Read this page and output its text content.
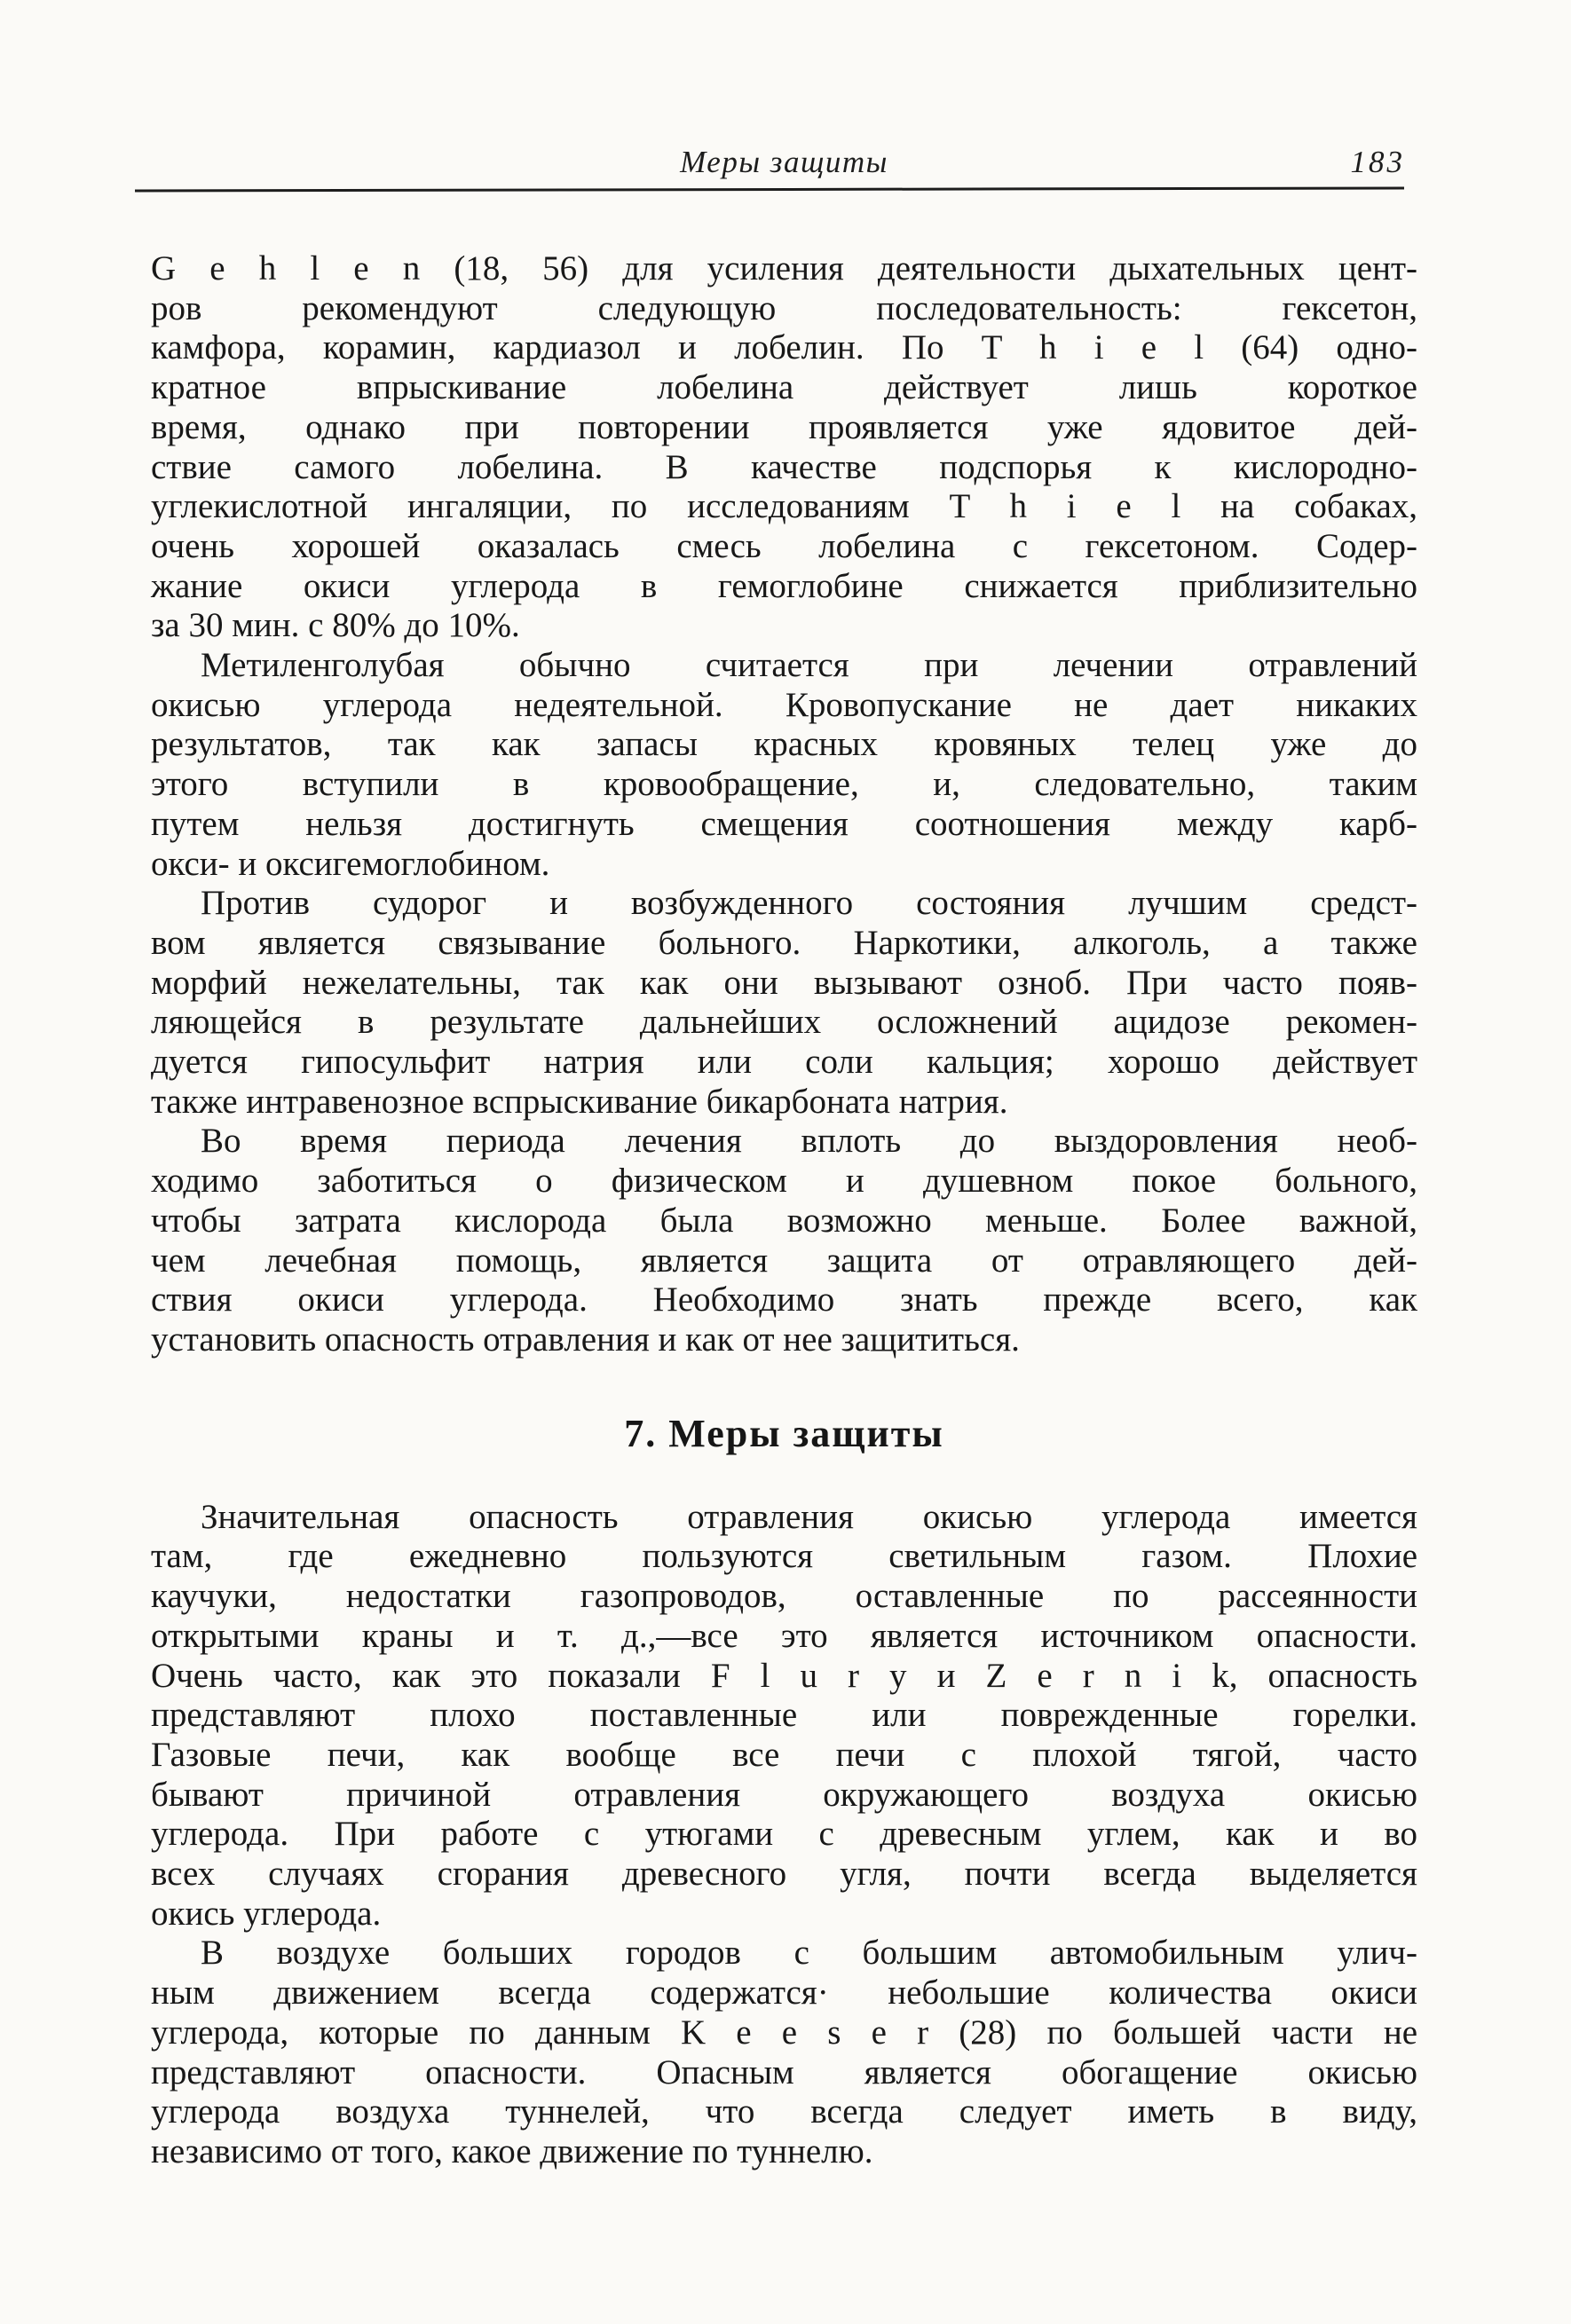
Меры защиты	183
G e h l e n (18, 56) для усиления деятельности дыхательных цент-
ров рекомендуют следующую последовательность: гексетон,
камфора, корамин, кардиазол и лобелин. По T h i e l (64) одно-
кратное впрыскивание лобелина действует лишь короткое
время, однако при повторении проявляется уже ядовитое дей-
ствие самого лобелина. В качестве подспорья к кислородно-
углекислотной ингаляции, по исследованиям T h i e l на собаках,
очень хорошей оказалась смесь лобелина с гексетоном. Содер-
жание окиси углерода в гемоглобине снижается приблизительно
за 30 мин. с 80% до 10%.
Метиленголубая обычно считается при лечении отравлений
окисью углерода недеятельной. Кровопускание не дает никаких
результатов, так как запасы красных кровяных телец уже до
этого вступили в кровообращение, и, следовательно, таким
путем нельзя достигнуть смещения соотношения между карб-
окси- и оксигемоглобином.
Против судорог и возбужденного состояния лучшим средст-
вом является связывание больного. Наркотики, алкоголь, а также
морфий нежелательны, так как они вызывают озноб. При часто появ-
ляющейся в результате дальнейших осложнений ацидозе рекомен-
дуется гипосульфит натрия или соли кальция; хорошо действует
также интравенозное вспрыскивание бикарбоната натрия.
Во время периода лечения вплоть до выздоровления необ-
ходимо заботиться о физическом и душевном покое больного,
чтобы затрата кислорода была возможно меньше. Более важной,
чем лечебная помощь, является защита от отравляющего дей-
ствия окиси углерода. Необходимо знать прежде всего, как
установить опасность отравления и как от нее защититься.
7. Меры защиты
Значительная опасность отравления окисью углерода имеется
там, где ежедневно пользуются светильным газом. Плохие
каучуки, недостатки газопроводов, оставленные по рассеянности
открытыми краны и т. д.,—все это является источником опасности.
Очень часто, как это показали F l u r y и Z e r n i k, опасность
представляют плохо поставленные или поврежденные горелки.
Газовые печи, как вообще все печи с плохой тягой, часто
бывают причиной отравления окружающего воздуха окисью
углерода. При работе с утюгами с древесным углем, как и во
всех случаях сгорания древесного угля, почти всегда выделяется
окись углерода.
В воздухе больших городов с большим автомобильным улич-
ным движением всегда содержатся· небольшие количества окиси
углерода, которые по данным K e e s e r (28) по большей части не
представляют опасности. Опасным является обогащение окисью
углерода воздуха туннелей, что всегда следует иметь в виду,
независимо от того, какое движение по туннелю.
